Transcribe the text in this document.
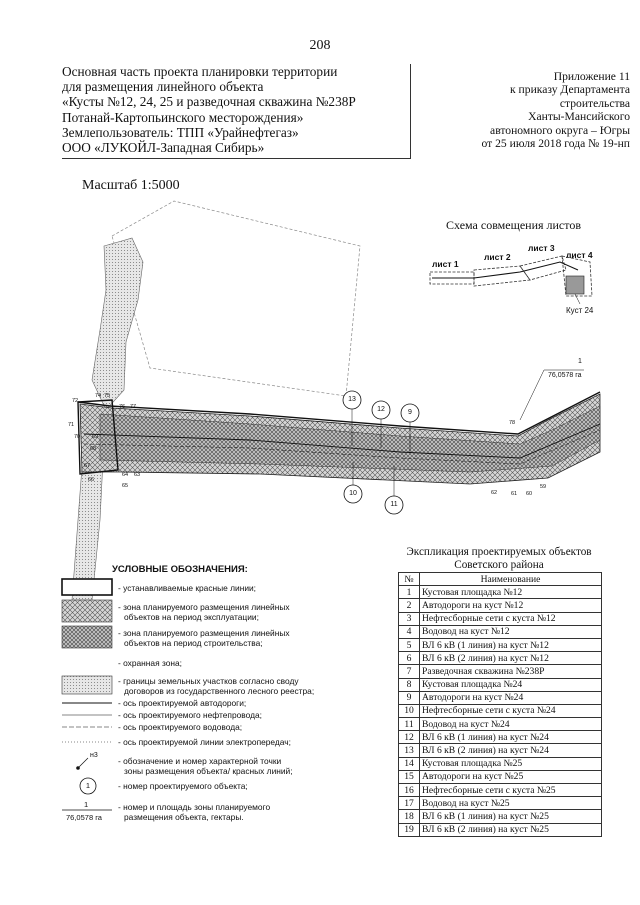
208
Основная часть проекта планировки территории
для размещения линейного объекта
«Кусты №12, 24, 25 и разведочная скважина №238Р
Потанай-Картопьинского месторождения»
Землепользователь: ТПП «Урайнефтегаз»
ООО «ЛУКОЙЛ-Западная Сибирь»
Приложение 11
к приказу Департамента
строительства
Ханты-Мансийского
автономного округа – Югры
от 25 июля 2018 года № 19-нп
Масштаб 1:5000
Схема совмещения листов
лист 1
лист 2
лист 3
лист 4
Куст 24
1
76,0578 га
13
12	9
10
11
72
74 75
76 77
71
70 69
68
67
66
65
64 63
78
62	61 60
59
УСЛОВНЫЕ ОБОЗНАЧЕНИЯ:
- устанавливаемые красные линии;
- зона планируемого размещения линейных
объектов на период эксплуатации;
- зона планируемого размещения линейных
объектов на период строительства;
- охранная зона;
- границы земельных участков согласно своду
договоров из государственного лесного реестра;
- ось проектируемой автодороги;
- ось проектируемого нефтепровода;
- ось проектируемого водовода;
- ось проектируемой линии электропередач;
- обозначение и номер характерной точки
зоны размещения объекта/ красных линий;
- номер проектируемого объекта;
- номер и площадь зоны планируемого
размещения объекта, гектары.
н3
1
1
76,0578 га
Экспликация проектируемых объектов
Советского района
№	Наименование
1	Кустовая площадка №12
2	Автодороги на куст №12
3	Нефтесборные сети с куста №12
4	Водовод на куст №12
5	ВЛ 6 кВ (1 линия) на куст №12
6	ВЛ 6 кВ (2 линия) на куст №12
7	Разведочная скважина №238Р
8	Кустовая площадка №24
9	Автодороги на куст №24
10	Нефтесборные сети с куста №24
11	Водовод на куст №24
12	ВЛ 6 кВ (1 линия) на куст №24
13	ВЛ 6 кВ (2 линия) на куст №24
14	Кустовая площадка №25
15	Автодороги на куст №25
16	Нефтесборные сети с куста №25
17	Водовод на куст №25
18	ВЛ 6 кВ (1 линия) на куст №25
19	ВЛ 6 кВ (2 линия) на куст №25
